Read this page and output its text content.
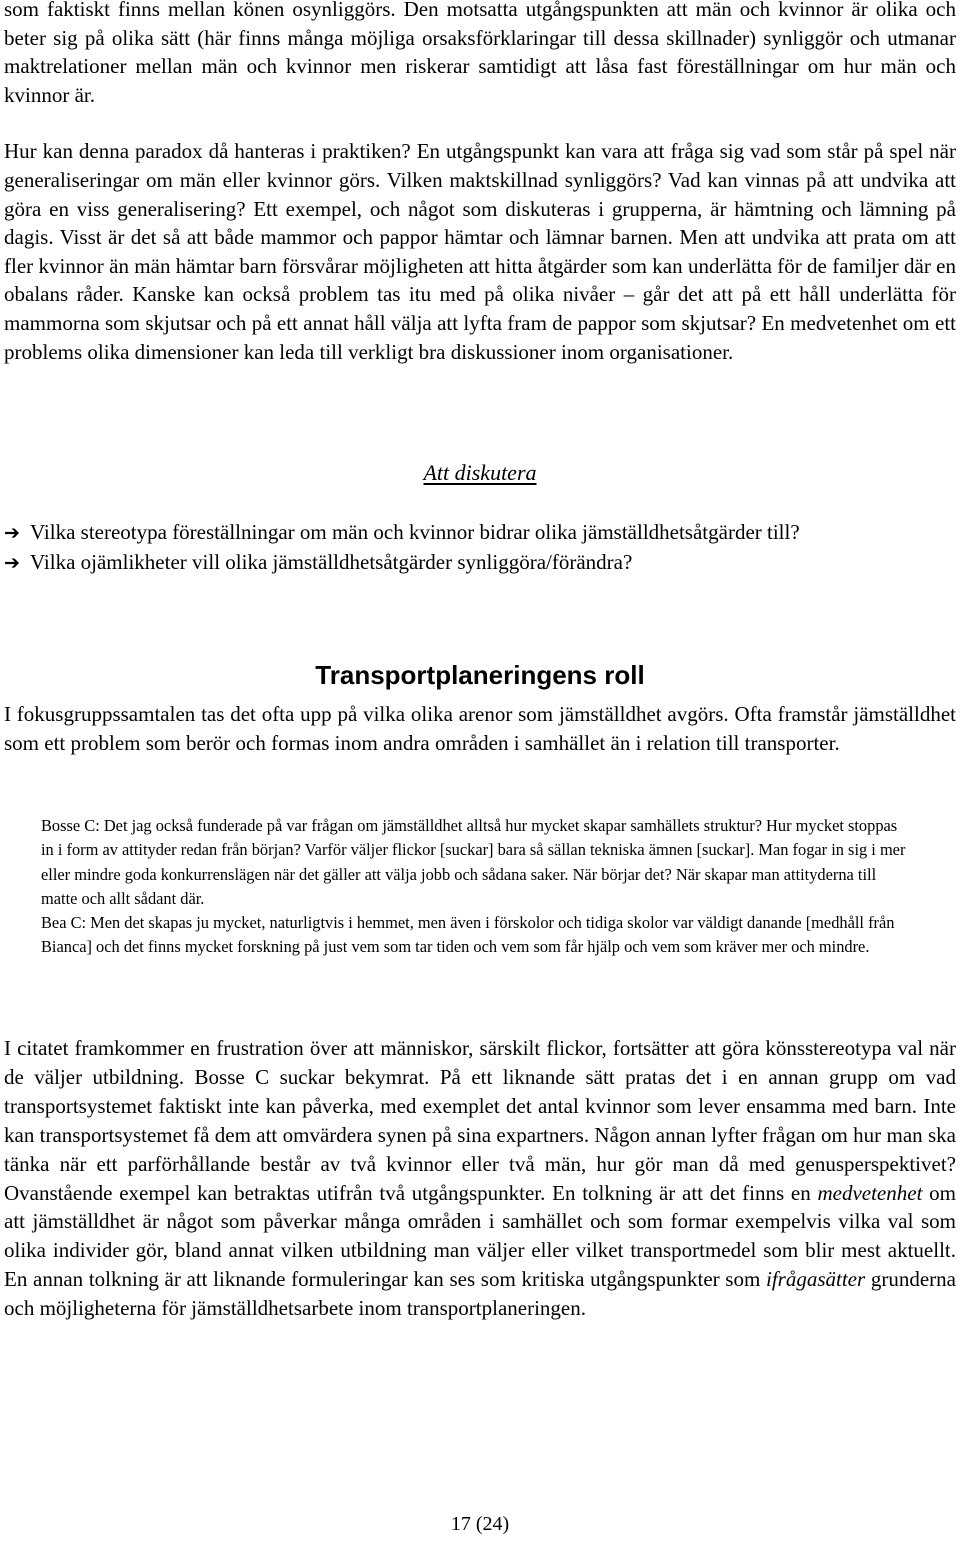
som faktiskt finns mellan könen osynliggörs. Den motsatta utgångspunkten att män och kvinnor är olika och beter sig på olika sätt (här finns många möjliga orsaksförklaringar till dessa skillnader) synliggör och utmanar maktrelationer mellan män och kvinnor men riskerar samtidigt att låsa fast föreställningar om hur män och kvinnor är.

Hur kan denna paradox då hanteras i praktiken? En utgångspunkt kan vara att fråga sig vad som står på spel när generaliseringar om män eller kvinnor görs. Vilken maktskillnad synliggörs? Vad kan vinnas på att undvika att göra en viss generalisering? Ett exempel, och något som diskuteras i grupperna, är hämtning och lämning på dagis. Visst är det så att både mammor och pappor hämtar och lämnar barnen. Men att undvika att prata om att fler kvinnor än män hämtar barn försvårar möjligheten att hitta åtgärder som kan underlätta för de familjer där en obalans råder. Kanske kan också problem tas itu med på olika nivåer – går det att på ett håll underlätta för mammorna som skjutsar och på ett annat håll välja att lyfta fram de pappor som skjutsar? En medvetenhet om ett problems olika dimensioner kan leda till verkligt bra diskussioner inom organisationer.

Att diskutera

➔ Vilka stereotypa föreställningar om män och kvinnor bidrar olika jämställdhetsåtgärder till?

➔ Vilka ojämlikheter vill olika jämställdhetsåtgärder synliggöra/förändra?

Transportplaneringens roll

I fokusgruppssamtalen tas det ofta upp på vilka olika arenor som jämställdhet avgörs. Ofta framstår jämställdhet som ett problem som berör och formas inom andra områden i samhället än i relation till transporter.

Bosse C: Det jag också funderade på var frågan om jämställdhet alltså hur mycket skapar samhällets struktur? Hur mycket stoppas in i form av attityder redan från början? Varför väljer flickor [suckar] bara så sällan tekniska ämnen [suckar]. Man fogar in sig i mer eller mindre goda konkurrenslägen när det gäller att välja jobb och sådana saker. När börjar det? När skapar man attityderna till matte och allt sådant där.

Bea C: Men det skapas ju mycket, naturligtvis i hemmet, men även i förskolor och tidiga skolor var väldigt danande [medhåll från Bianca] och det finns mycket forskning på just vem som tar tiden och vem som får hjälp och vem som kräver mer och mindre.

I citatet framkommer en frustration över att människor, särskilt flickor, fortsätter att göra könsstereotypa val när de väljer utbildning. Bosse C suckar bekymrat. På ett liknande sätt pratas det i en annan grupp om vad transportsystemet faktiskt inte kan påverka, med exemplet det antal kvinnor som lever ensamma med barn. Inte kan transportsystemet få dem att omvärdera synen på sina expartners. Någon annan lyfter frågan om hur man ska tänka när ett parförhållande består av två kvinnor eller två män, hur gör man då med genusperspektivet? Ovanstående exempel kan betraktas utifrån två utgångspunkter. En tolkning är att det finns en medvetenhet om att jämställdhet är något som påverkar många områden i samhället och som formar exempelvis vilka val som olika individer gör, bland annat vilken utbildning man väljer eller vilket transportmedel som blir mest aktuellt. En annan tolkning är att liknande formuleringar kan ses som kritiska utgångspunkter som ifrågasätter grunderna och möjligheterna för jämställdhetsarbete inom transportplaneringen.

17 (24)
